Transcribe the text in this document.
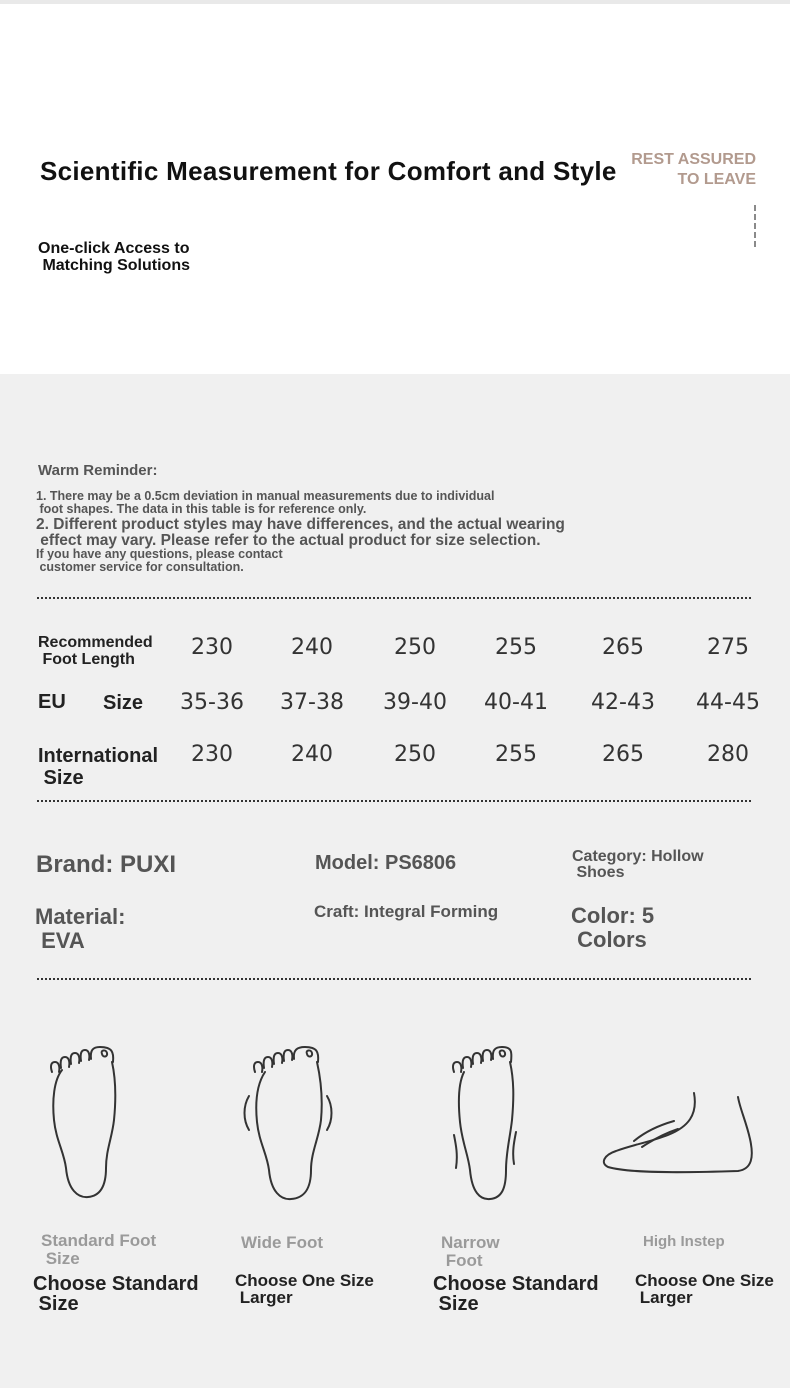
Scientific Measurement for Comfort and Style
One-click Access to
Matching Solutions
REST ASSURED
TO LEAVE
Warm Reminder:
1. There may be a 0.5cm deviation in manual measurements due to individual
foot shapes. The data in this table is for reference only.
2. Different product styles may have differences, and the actual wearing
effect may vary. Please refer to the actual product for size selection.
If you have any questions, please contact
customer service for consultation.
Recommended
Foot Length	230	240	250	255	265	275
EU Size	35-36	37-38	39-40	40-41	42-43	44-45
International
Size
230	240	250	255	265	280
Brand: PUXI	Model: PS6806	Category: Hollow
Shoes
Material:
EVA
Craft: Integral Forming	Color: 5
Colors
Standard Foot
Size
Wide Foot	Narrow
Foot
High Instep
Choose Standard
Size
Choose One Size
Larger
Choose Standard
Size
Choose One Size
Larger
